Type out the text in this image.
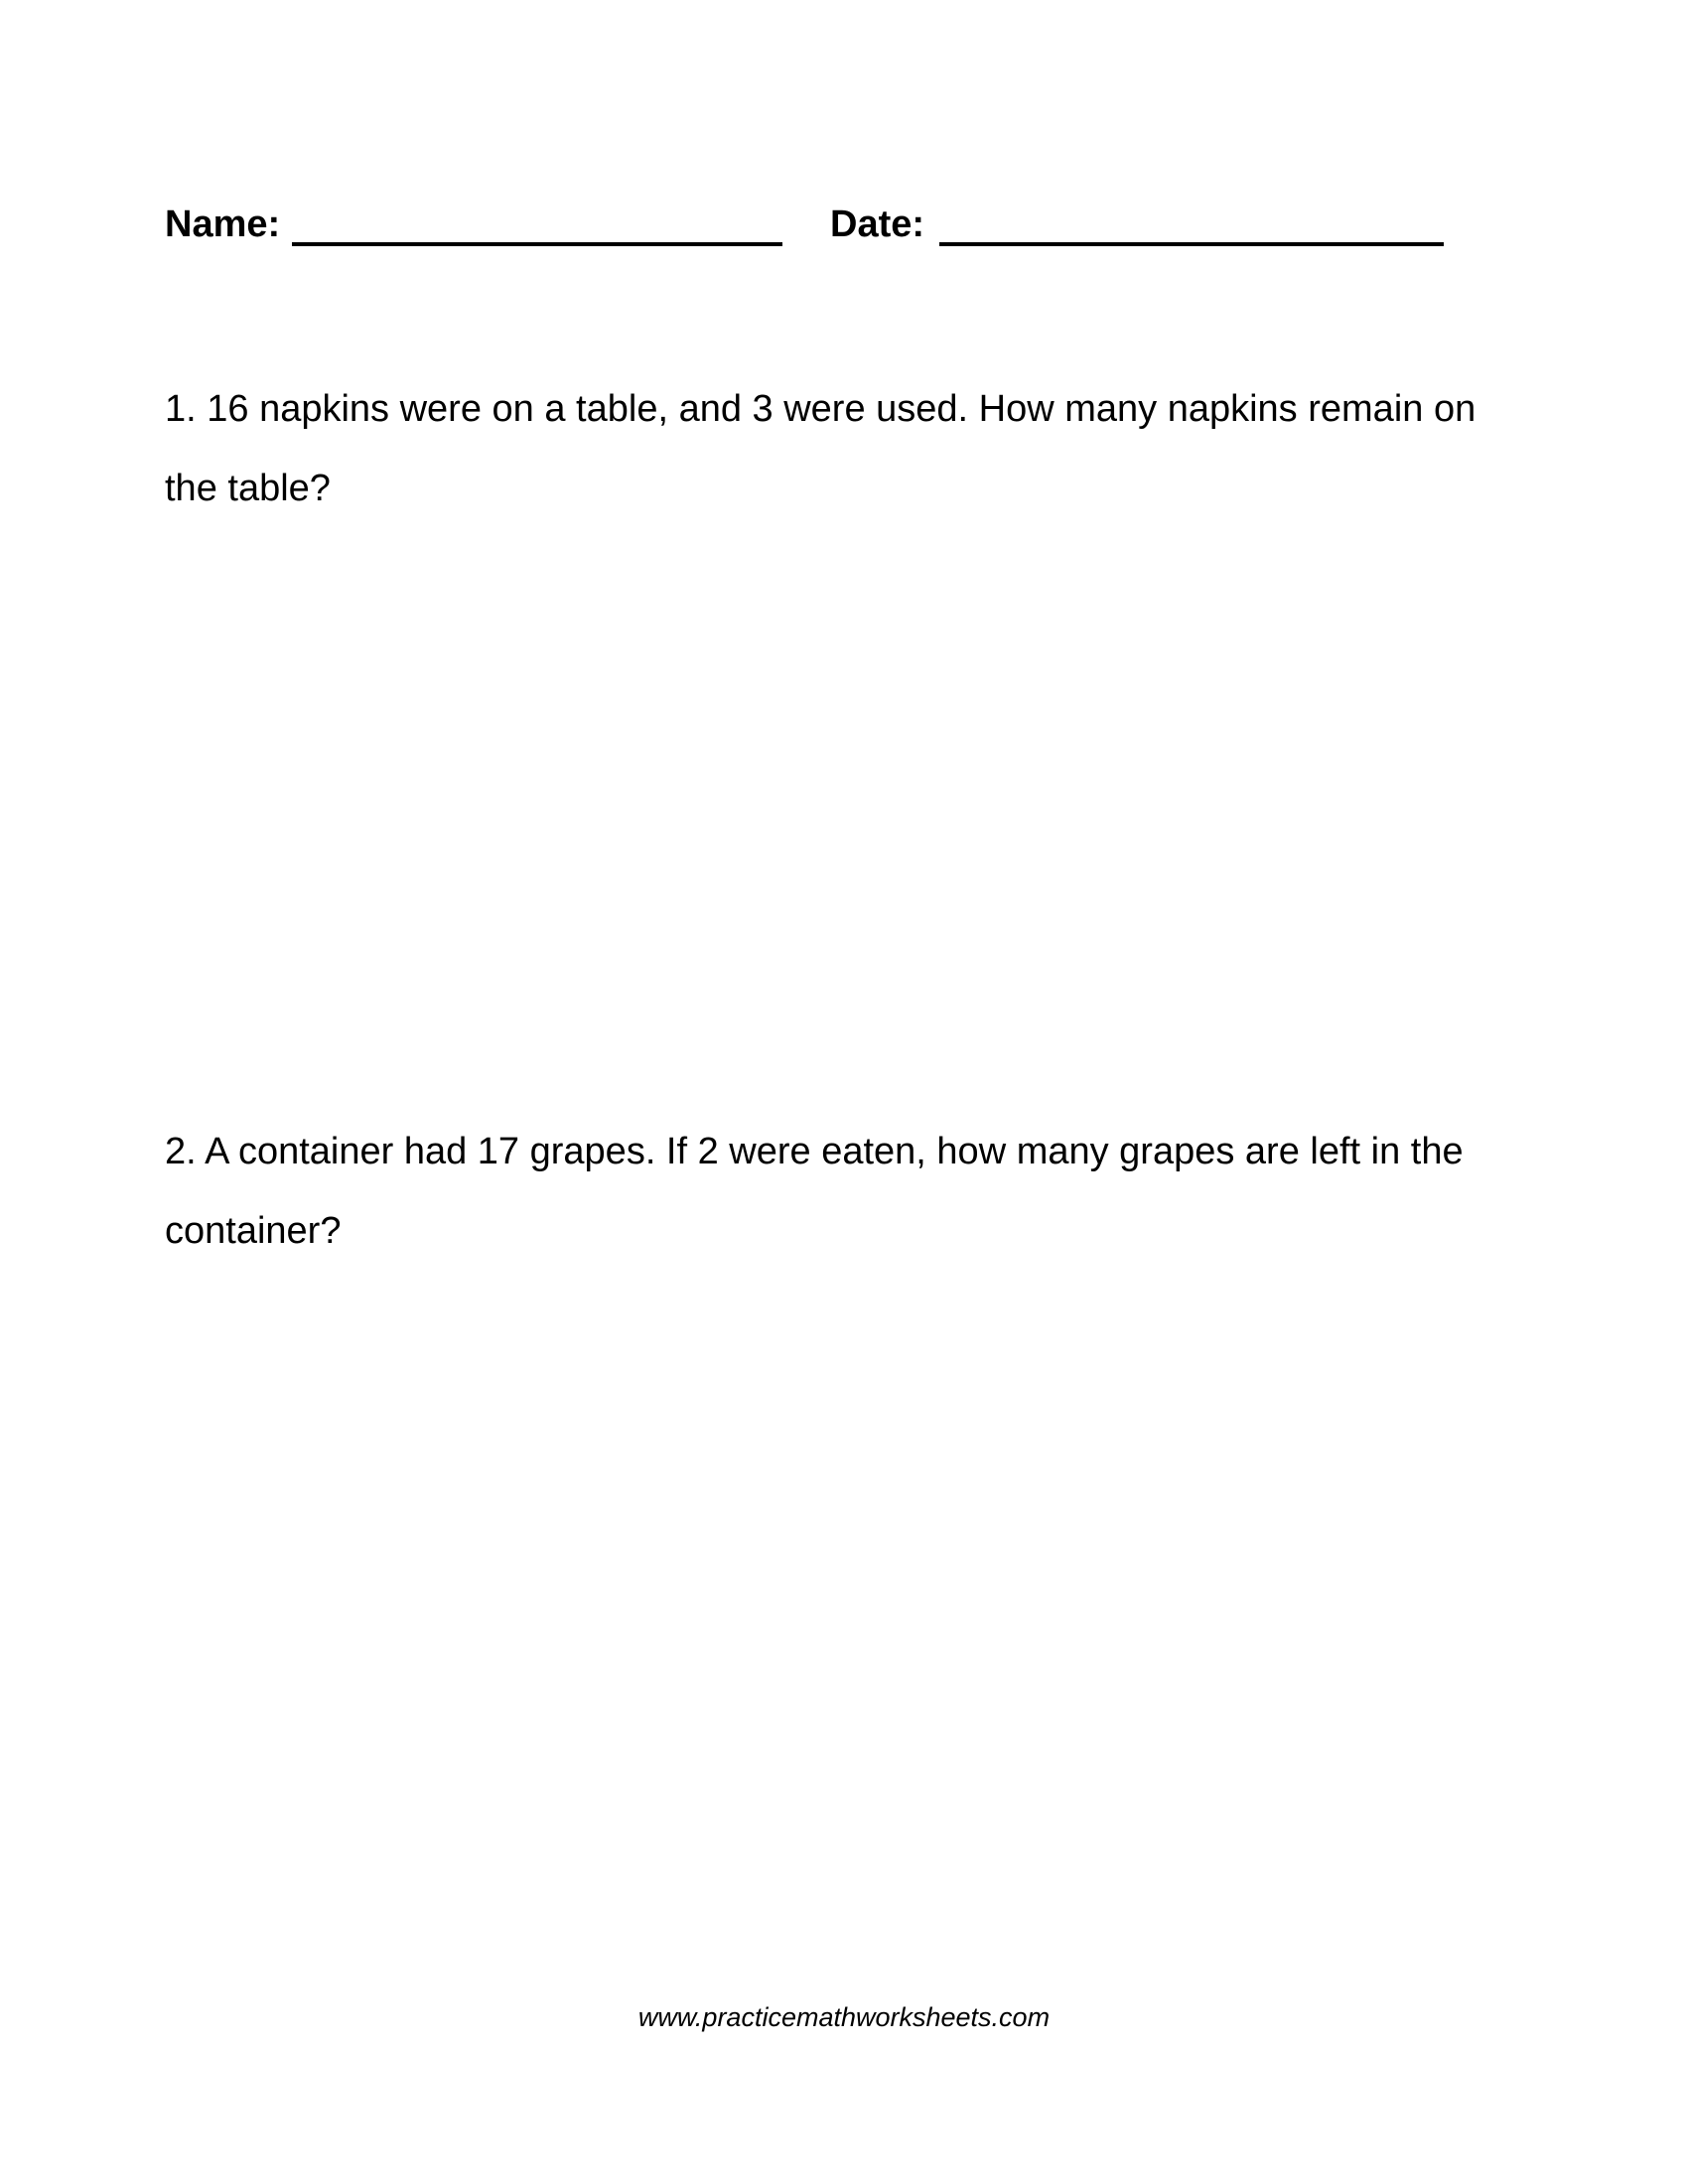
Name:	Date:

1. 16 napkins were on a table, and 3 were used. How many napkins remain on the table?

2. A container had 17 grapes. If 2 were eaten, how many grapes are left in the container?

www.practicemathworksheets.com
